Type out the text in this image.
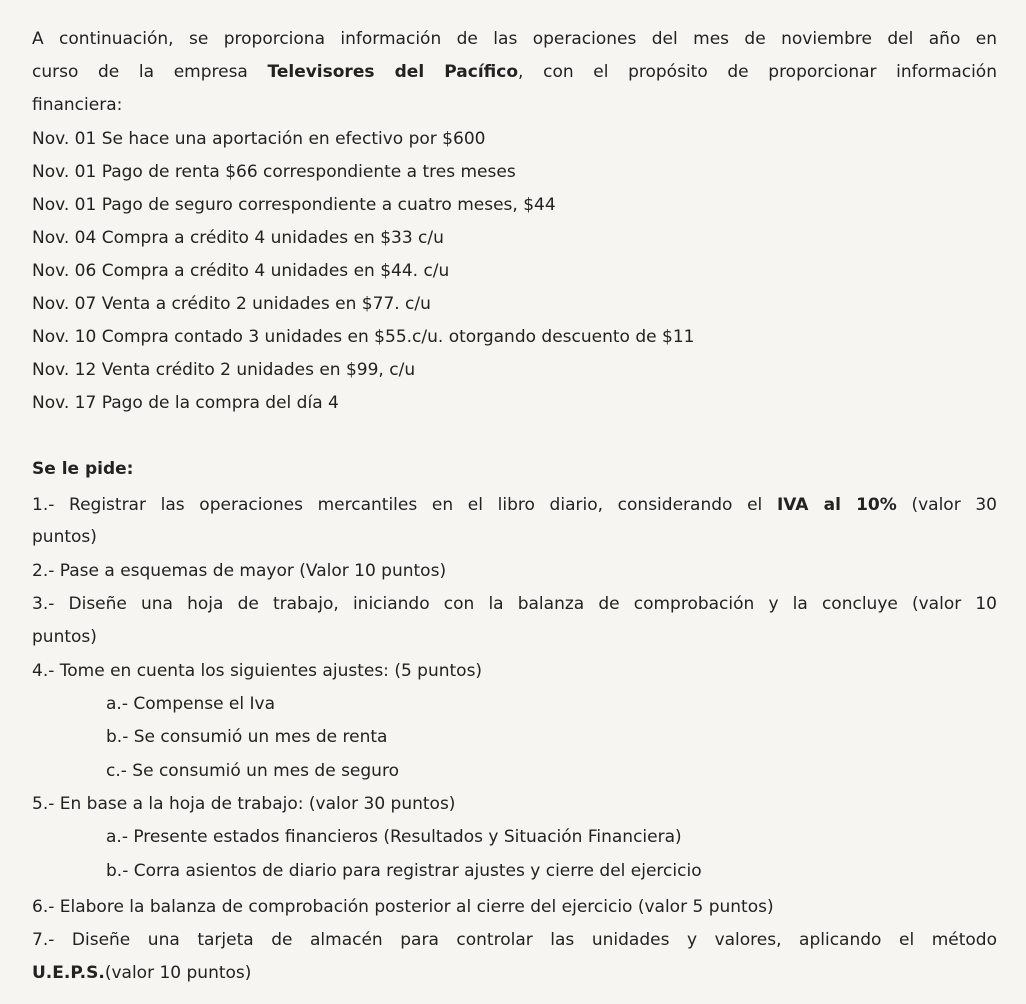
A continuación, se proporciona información de las operaciones del mes de noviembre del año en
curso de la empresa Televisores del Pacífico, con el propósito de proporcionar información
financiera:
Nov. 01 Se hace una aportación en efectivo por $600
Nov. 01 Pago de renta $66 correspondiente a tres meses
Nov. 01 Pago de seguro correspondiente a cuatro meses, $44
Nov. 04 Compra a crédito 4 unidades en $33 c/u
Nov. 06 Compra a crédito 4 unidades en $44. c/u
Nov. 07 Venta a crédito 2 unidades en $77. c/u
Nov. 10 Compra contado 3 unidades en $55.c/u. otorgando descuento de $11
Nov. 12 Venta crédito 2 unidades en $99, c/u
Nov. 17 Pago de la compra del día 4
Se le pide:
1.- Registrar las operaciones mercantiles en el libro diario, considerando el IVA al 10% (valor 30
puntos)
2.- Pase a esquemas de mayor (Valor 10 puntos)
3.- Diseñe una hoja de trabajo, iniciando con la balanza de comprobación y la concluye (valor 10
puntos)
4.- Tome en cuenta los siguientes ajustes: (5 puntos)
a.- Compense el Iva
b.- Se consumió un mes de renta
c.- Se consumió un mes de seguro
5.- En base a la hoja de trabajo: (valor 30 puntos)
a.- Presente estados financieros (Resultados y Situación Financiera)
b.- Corra asientos de diario para registrar ajustes y cierre del ejercicio
6.- Elabore la balanza de comprobación posterior al cierre del ejercicio (valor 5 puntos)
7.- Diseñe una tarjeta de almacén para controlar las unidades y valores, aplicando el método
U.E.P.S.(valor 10 puntos)
